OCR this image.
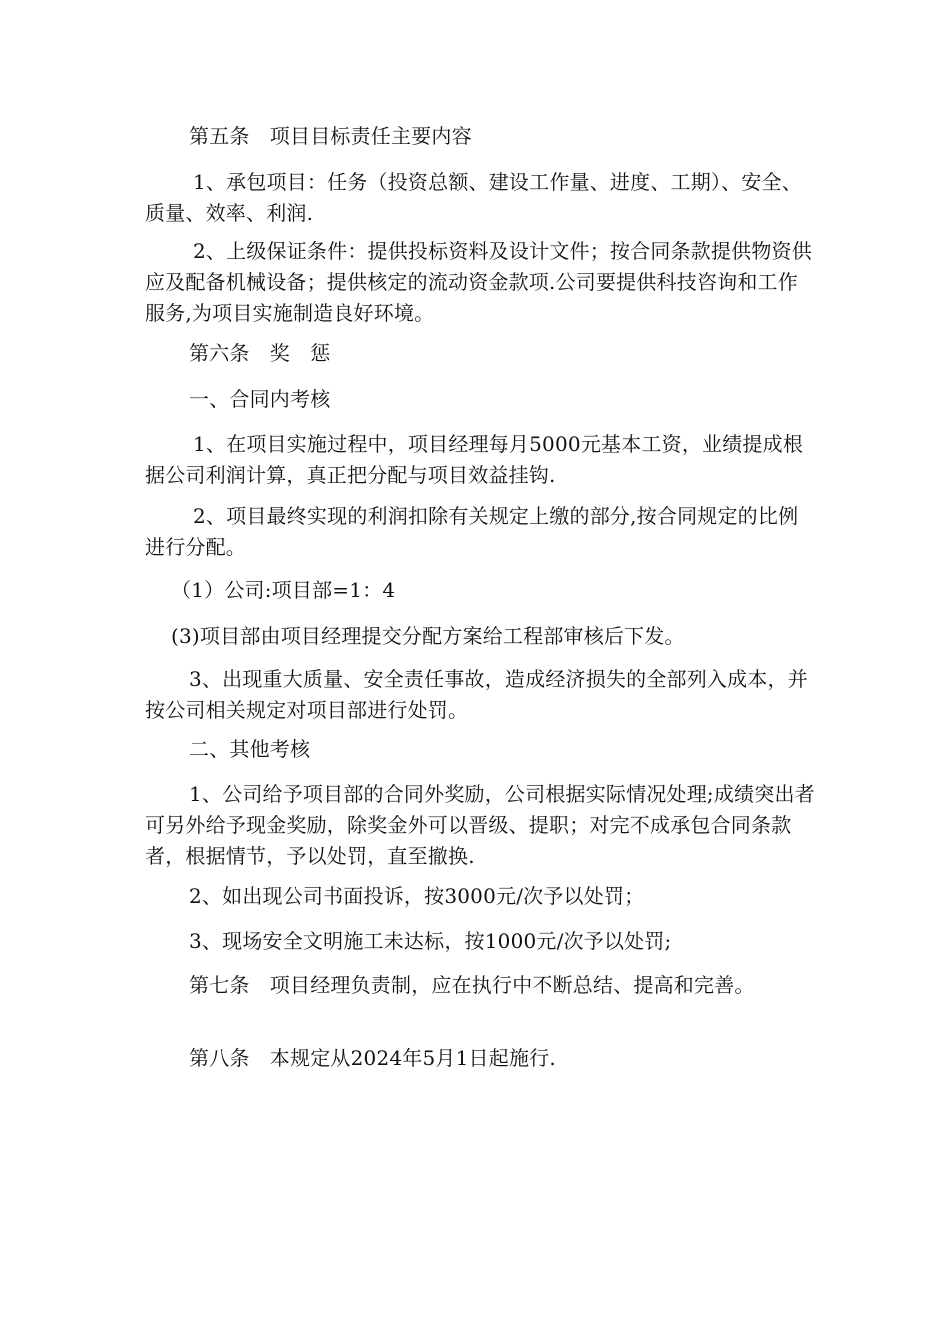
第五条　项目目标责任主要内容

1、承包项目：任务（投资总额、建设工作量、进度、工期）、安全、质量、效率、利润.

2、上级保证条件：提供投标资料及设计文件；按合同条款提供物资供应及配备机械设备；提供核定的流动资金款项.公司要提供科技咨询和工作服务,为项目实施制造良好环境。

第六条　奖　惩

一、合同内考核

1、在项目实施过程中，项目经理每月5000元基本工资，业绩提成根据公司利润计算，真正把分配与项目效益挂钩.

2、项目最终实现的利润扣除有关规定上缴的部分,按合同规定的比例进行分配。

（1）公司:项目部=1：4

(3)项目部由项目经理提交分配方案给工程部审核后下发。

3、出现重大质量、安全责任事故，造成经济损失的全部列入成本，并按公司相关规定对项目部进行处罚。

二、其他考核

1、公司给予项目部的合同外奖励，公司根据实际情况处理;成绩突出者可另外给予现金奖励，除奖金外可以晋级、提职；对完不成承包合同条款者，根据情节，予以处罚，直至撤换.

2、如出现公司书面投诉，按3000元/次予以处罚；

3、现场安全文明施工未达标，按1000元/次予以处罚;

第七条　项目经理负责制，应在执行中不断总结、提高和完善。

第八条　本规定从2024年5月1日起施行.
